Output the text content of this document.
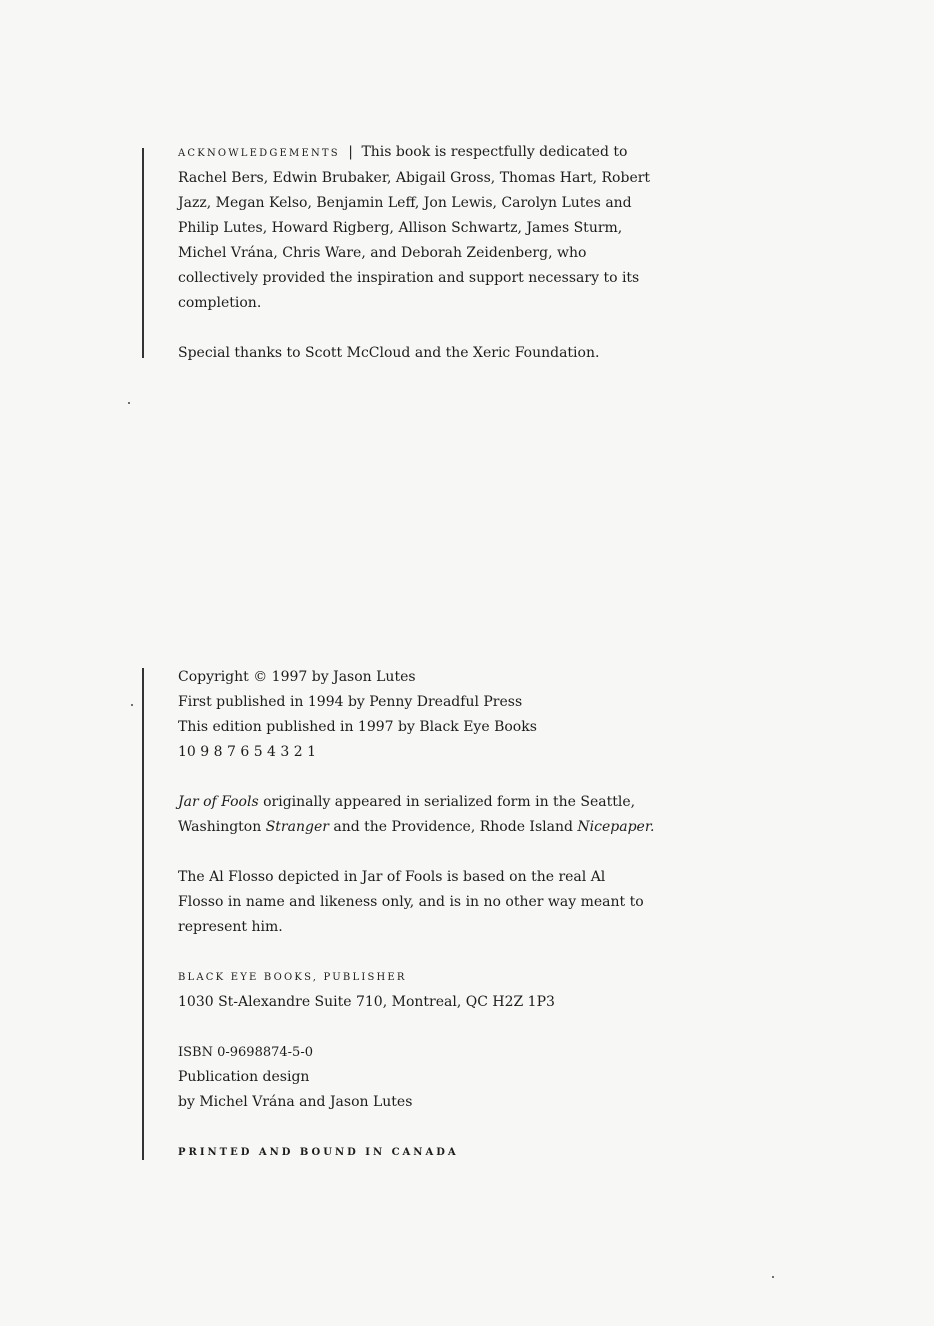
ACKNOWLEDGEMENTS | This book is respectfully dedicated to
Rachel Bers, Edwin Brubaker, Abigail Gross, Thomas Hart, Robert
Jazz, Megan Kelso, Benjamin Leff, Jon Lewis, Carolyn Lutes and
Philip Lutes, Howard Rigberg, Allison Schwartz, James Sturm,
Michel Vrána, Chris Ware, and Deborah Zeidenberg, who
collectively provided the inspiration and support necessary to its
completion.
Special thanks to Scott McCloud and the Xeric Foundation.
Copyright © 1997 by Jason Lutes
First published in 1994 by Penny Dreadful Press
This edition published in 1997 by Black Eye Books
10 9 8 7 6 5 4 3 2 1
Jar of Fools originally appeared in serialized form in the Seattle,
Washington Stranger and the Providence, Rhode Island Nicepaper.
The Al Flosso depicted in Jar of Fools is based on the real Al
Flosso in name and likeness only, and is in no other way meant to
represent him.
BLACK EYE BOOKS, PUBLISHER
1030 St-Alexandre Suite 710, Montreal, QC H2Z 1P3
ISBN 0-9698874-5-0
Publication design
by Michel Vrána and Jason Lutes
PRINTED AND BOUND IN CANADA
